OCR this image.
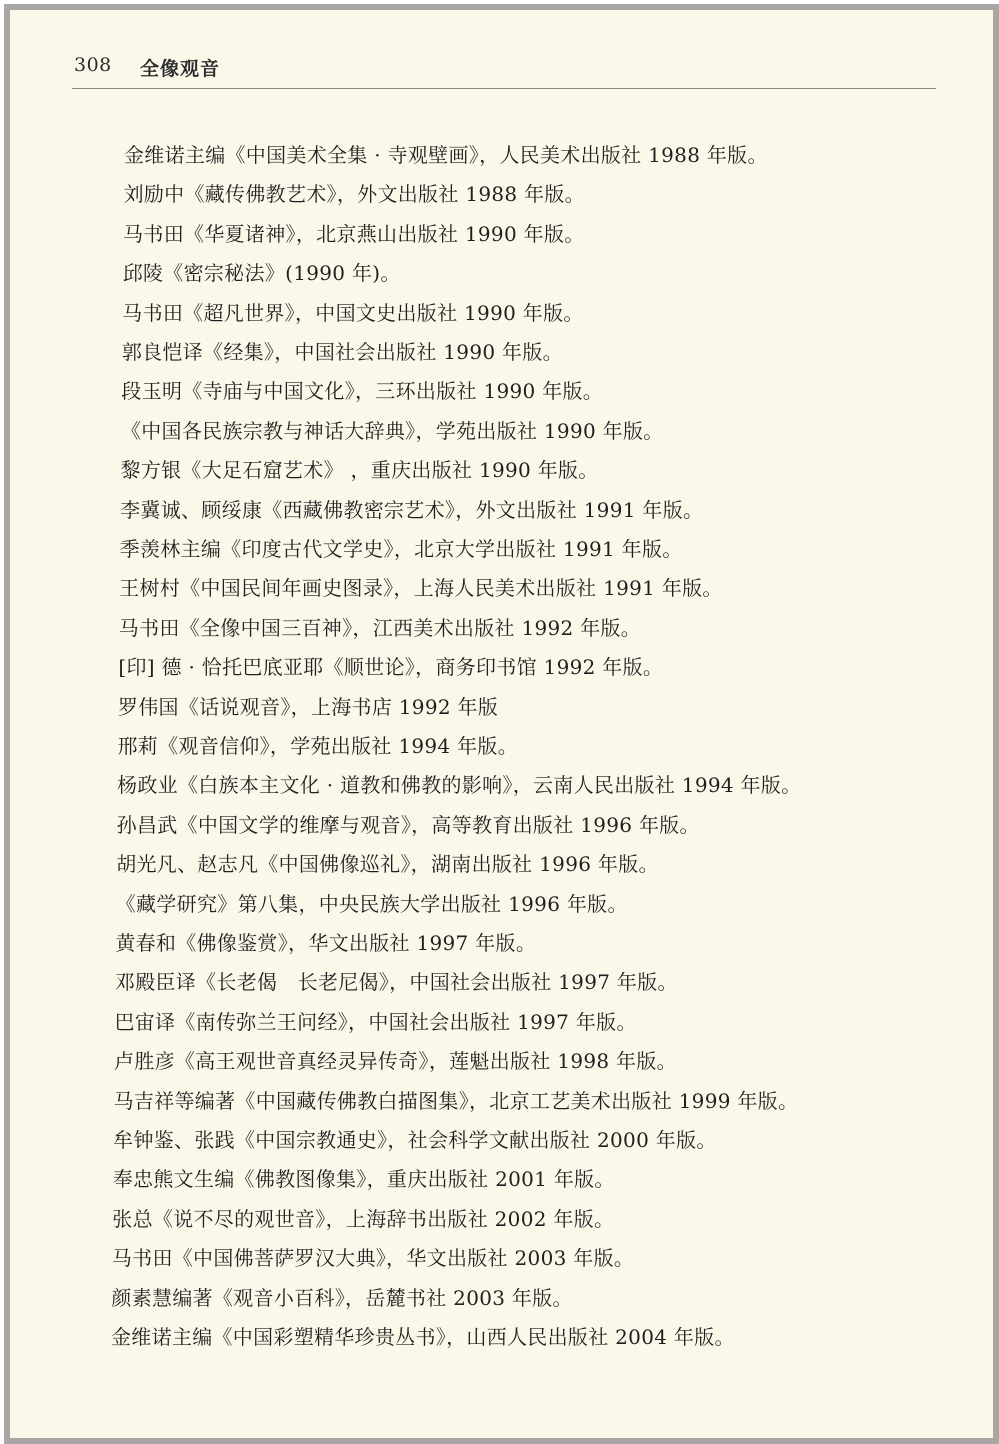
308 全像观音
金维诺主编《中国美术全集 · 寺观壁画》，人民美术出版社 1988 年版。
刘励中《藏传佛教艺术》，外文出版社 1988 年版。
马书田《华夏诸神》，北京燕山出版社 1990 年版。
邱陵《密宗秘法》(1990 年)。
马书田《超凡世界》，中国文史出版社 1990 年版。
郭良恺译《经集》，中国社会出版社 1990 年版。
段玉明《寺庙与中国文化》，三环出版社 1990 年版。
《中国各民族宗教与神话大辞典》，学苑出版社 1990 年版。
黎方银《大足石窟艺术》 ，重庆出版社 1990 年版。
李冀诚、顾绥康《西藏佛教密宗艺术》，外文出版社 1991 年版。
季羡林主编《印度古代文学史》，北京大学出版社 1991 年版。
王树村《中国民间年画史图录》，上海人民美术出版社 1991 年版。
马书田《全像中国三百神》，江西美术出版社 1992 年版。
[印] 德 · 恰托巴底亚耶《顺世论》，商务印书馆 1992 年版。
罗伟国《话说观音》，上海书店 1992 年版
邢莉《观音信仰》，学苑出版社 1994 年版。
杨政业《白族本主文化 · 道教和佛教的影响》，云南人民出版社 1994 年版。
孙昌武《中国文学的维摩与观音》，高等教育出版社 1996 年版。
胡光凡、赵志凡《中国佛像巡礼》，湖南出版社 1996 年版。
《藏学研究》第八集，中央民族大学出版社 1996 年版。
黄春和《佛像鉴赏》，华文出版社 1997 年版。
邓殿臣译《长老偈　长老尼偈》，中国社会出版社 1997 年版。
巴宙译《南传弥兰王问经》，中国社会出版社 1997 年版。
卢胜彦《高王观世音真经灵异传奇》，莲魁出版社 1998 年版。
马吉祥等编著《中国藏传佛教白描图集》，北京工艺美术出版社 1999 年版。
牟钟鉴、张践《中国宗教通史》，社会科学文献出版社 2000 年版。
奉忠熊文生编《佛教图像集》，重庆出版社 2001 年版。
张总《说不尽的观世音》，上海辞书出版社 2002 年版。
马书田《中国佛菩萨罗汉大典》，华文出版社 2003 年版。
颜素慧编著《观音小百科》，岳麓书社 2003 年版。
金维诺主编《中国彩塑精华珍贵丛书》，山西人民出版社 2004 年版。
